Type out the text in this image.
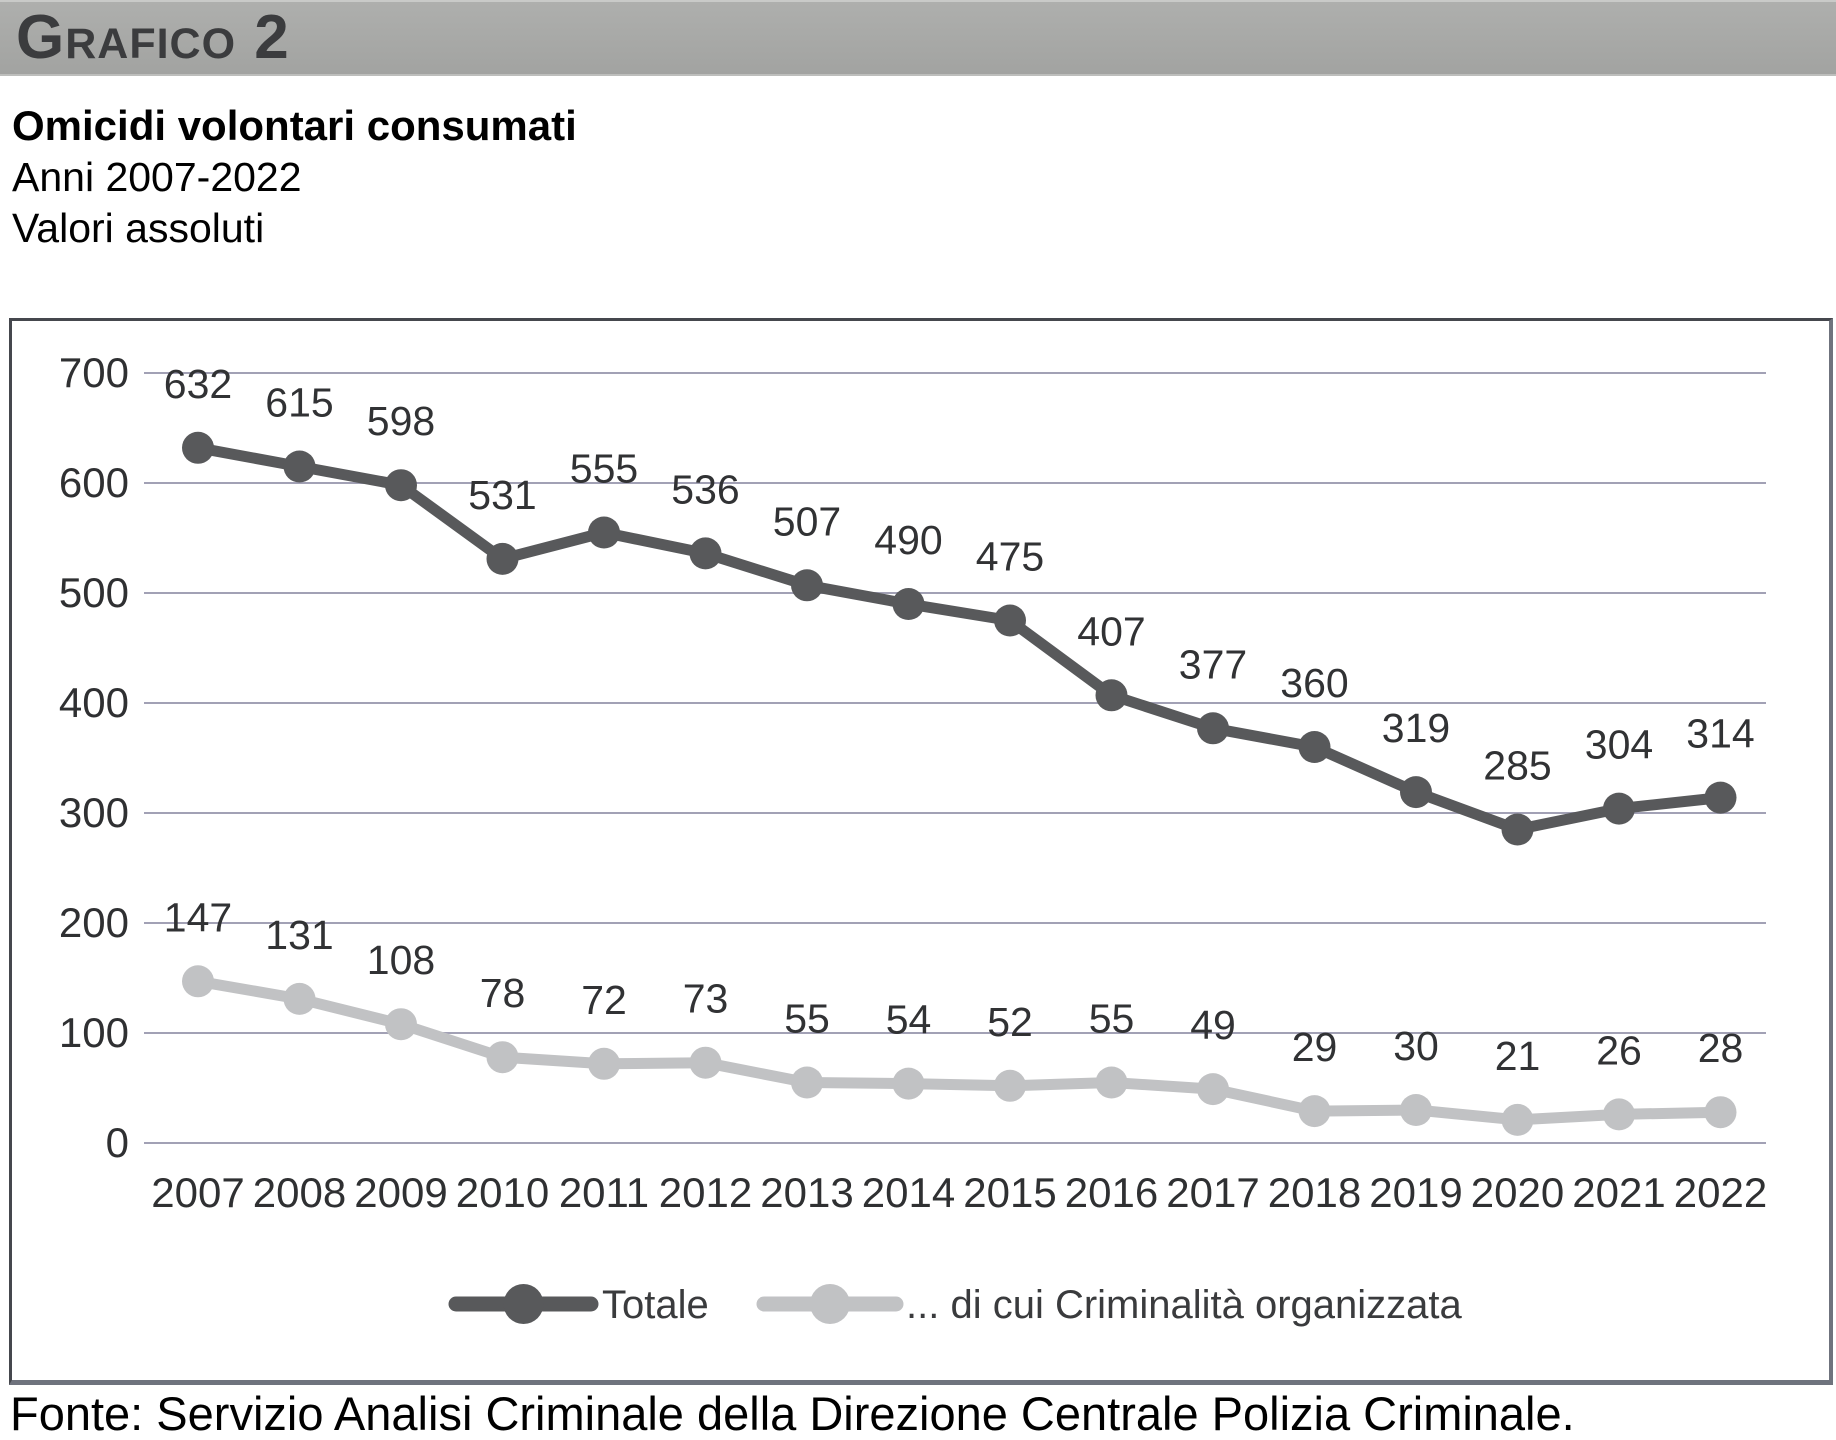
Grafico 2
Omicidi volontari consumati
Anni 2007-2022
Valori assoluti
0
100
200
300
400
500
600
700 632 615 598
531
555 536
507 490 475
407
377 360
319
285 304 314
147 131
108
78 72 73 55 54 52 55 49 29 30 21 26 28
2007 2008 2009 2010 2011 2012 2013 2014 2015 2016 2017 2018 2019 2020 2021 2022
Totale	... di cui Criminalità organizzata
Fonte: Servizio Analisi Criminale della Direzione Centrale Polizia Criminale.
